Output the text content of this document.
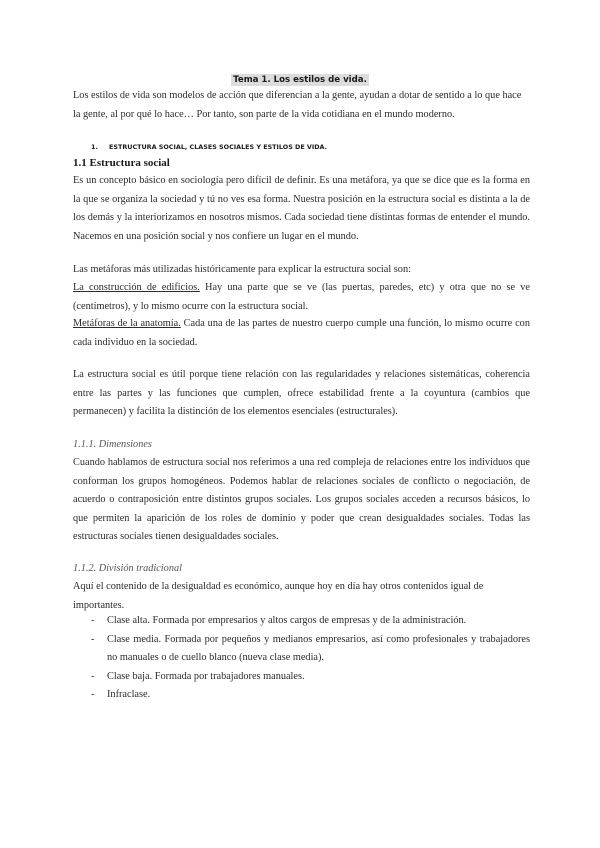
Tema 1. Los estilos de vida.

Los estilos de vida son modelos de acción que diferencian a la gente, ayudan a dotar de sentido a lo que hace la gente, al por qué lo hace… Por tanto, son parte de la vida cotidiana en el mundo moderno.

1. ESTRUCTURA SOCIAL, CLASES SOCIALES Y ESTILOS DE VIDA.
1.1 Estructura social

Es un concepto básico en sociología pero difícil de definir. Es una metáfora, ya que se dice que es la forma en la que se organiza la sociedad y tú no ves esa forma. Nuestra posición en la estructura social es distinta a la de los demás y la interiorizamos en nosotros mismos. Cada sociedad tiene distintas formas de entender el mundo. Nacemos en una posición social y nos confiere un lugar en el mundo.

Las metáforas más utilizadas históricamente para explicar la estructura social son:

La construcción de edificios. Hay una parte que se ve (las puertas, paredes, etc) y otra que no se ve (centímetros), y lo mismo ocurre con la estructura social.

Metáforas de la anatomía. Cada una de las partes de nuestro cuerpo cumple una función, lo mismo ocurre con cada individuo en la sociedad.

La estructura social es útil porque tiene relación con las regularidades y relaciones sistemáticas, coherencia entre las partes y las funciones que cumplen, ofrece estabilidad frente a la coyuntura (cambios que permanecen) y facilita la distinción de los elementos esenciales (estructurales).

1.1.1. Dimensiones

Cuando hablamos de estructura social nos referimos a una red compleja de relaciones entre los individuos que conforman los grupos homogéneos. Podemos hablar de relaciones sociales de conflicto o negociación, de acuerdo o contraposición entre distintos grupos sociales. Los grupos sociales acceden a recursos básicos, lo que permiten la aparición de los roles de dominio y poder que crean desigualdades sociales. Todas las estructuras sociales tienen desigualdades sociales.

1.1.2. División tradicional

Aquí el contenido de la desigualdad es económico, aunque hoy en día hay otros contenidos igual de importantes.

- Clase alta. Formada por empresarios y altos cargos de empresas y de la administración.
- Clase media. Formada por pequeños y medianos empresarios, así como profesionales y trabajadores no manuales o de cuello blanco (nueva clase media).
- Clase baja. Formada por trabajadores manuales.
- Infraclase.
